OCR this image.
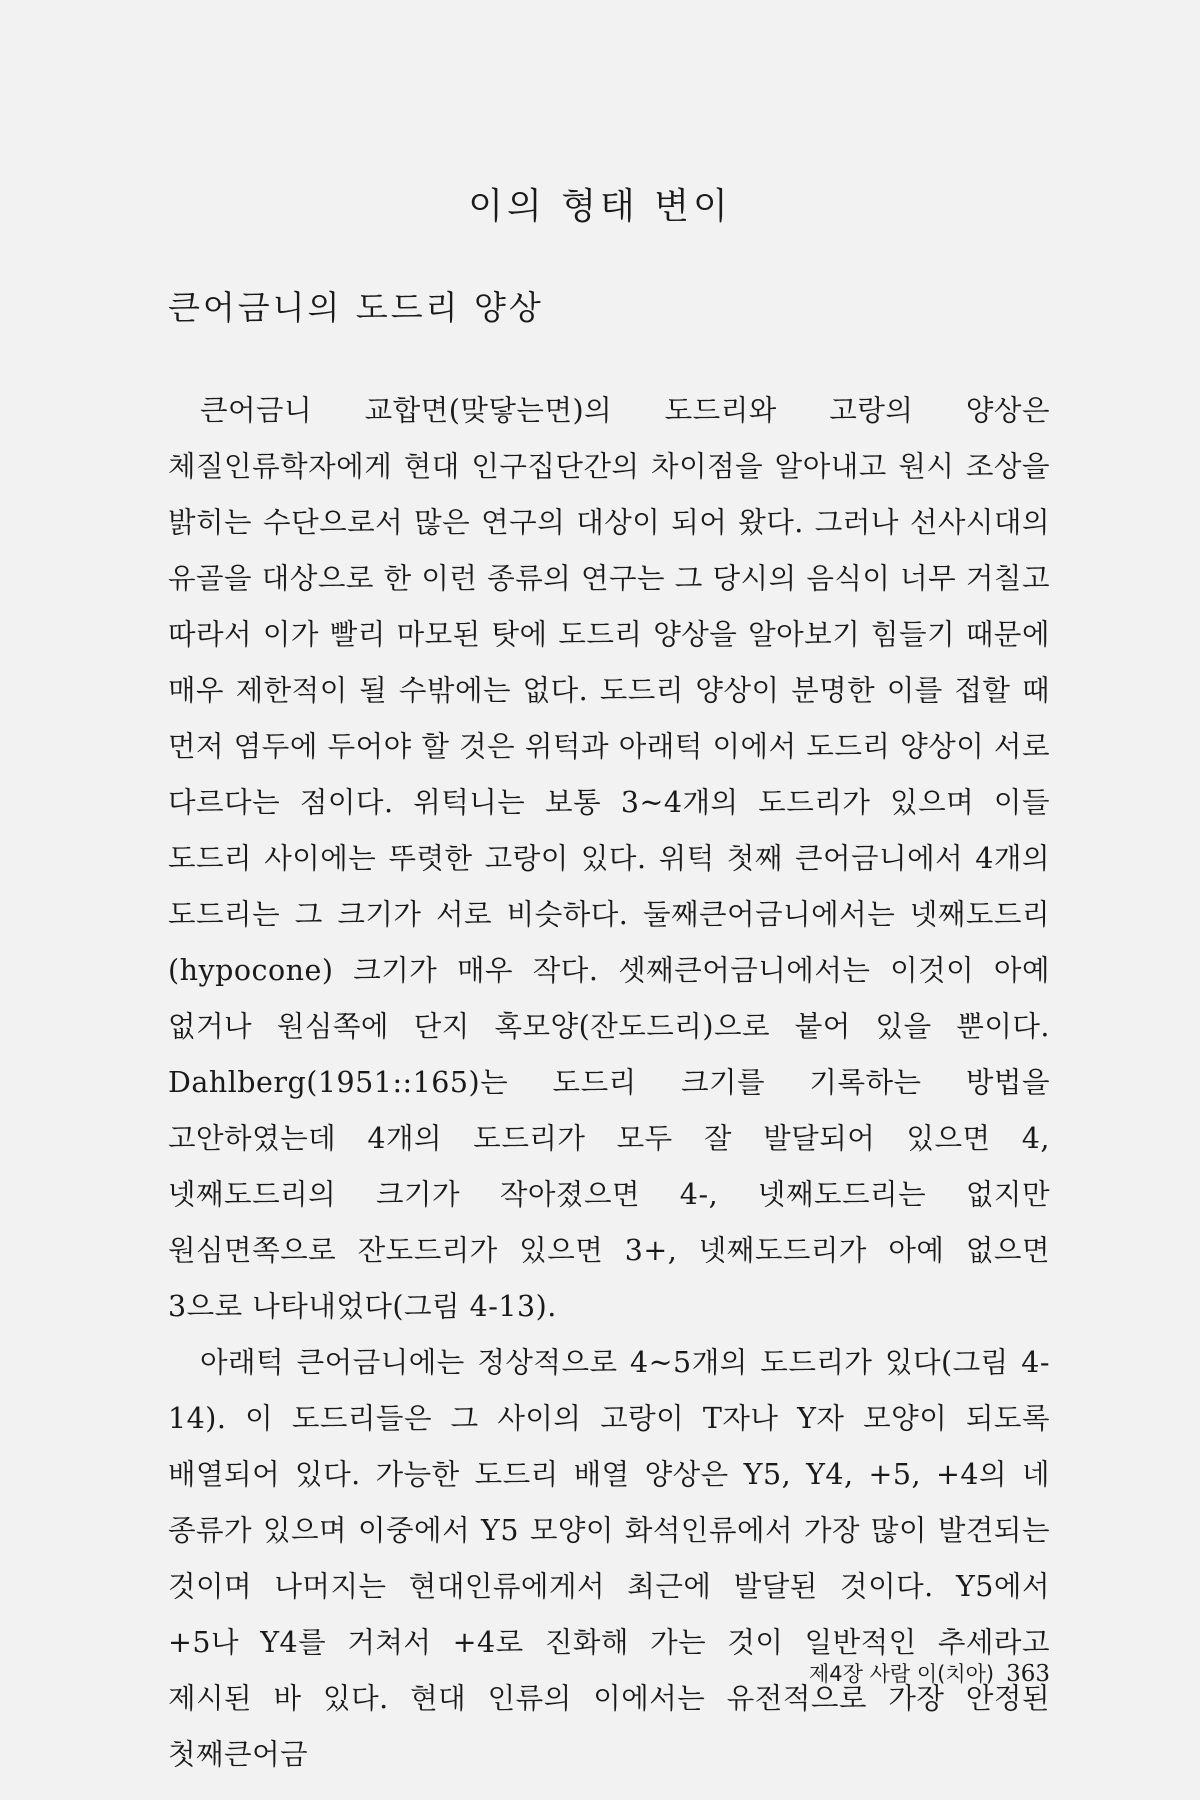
이의 형태 변이
큰어금니의 도드리 양상

큰어금니 교합면(맞닿는면)의 도드리와 고랑의 양상은 체질인류학자에게 현대 인구집단간의 차이점을 알아내고 원시 조상을 밝히는 수단으로서 많은 연구의 대상이 되어 왔다. 그러나 선사시대의 유골을 대상으로 한 이런 종류의 연구는 그 당시의 음식이 너무 거칠고 따라서 이가 빨리 마모된 탓에 도드리 양상을 알아보기 힘들기 때문에 매우 제한적이 될 수밖에는 없다. 도드리 양상이 분명한 이를 접할 때 먼저 염두에 두어야 할 것은 위턱과 아래턱 이에서 도드리 양상이 서로 다르다는 점이다. 위턱니는 보통 3~4개의 도드리가 있으며 이들 도드리 사이에는 뚜렷한 고랑이 있다. 위턱 첫째 큰어금니에서 4개의 도드리는 그 크기가 서로 비슷하다. 둘째큰어금니에서는 넷째도드리(hypocone) 크기가 매우 작다. 셋째큰어금니에서는 이것이 아예 없거나 원심쪽에 단지 혹모양(잔도드리)으로 붙어 있을 뿐이다. Dahlberg(1951::165)는 도드리 크기를 기록하는 방법을 고안하였는데 4개의 도드리가 모두 잘 발달되어 있으면 4, 넷째도드리의 크기가 작아졌으면 4-, 넷째도드리는 없지만 원심면쪽으로 잔도드리가 있으면 3+, 넷째도드리가 아예 없으면 3으로 나타내었다(그림 4-13).

아래턱 큰어금니에는 정상적으로 4~5개의 도드리가 있다(그림 4-14). 이 도드리들은 그 사이의 고랑이 T자나 Y자 모양이 되도록 배열되어 있다. 가능한 도드리 배열 양상은 Y5, Y4, +5, +4의 네 종류가 있으며 이중에서 Y5 모양이 화석인류에서 가장 많이 발견되는 것이며 나머지는 현대인류에게서 최근에 발달된 것이다. Y5에서 +5나 Y4를 거쳐서 +4로 진화해 가는 것이 일반적인 추세라고 제시된 바 있다. 현대 인류의 이에서는 유전적으로 가장 안정된 첫째큰어금

제4장 사람 이(치아) 363
